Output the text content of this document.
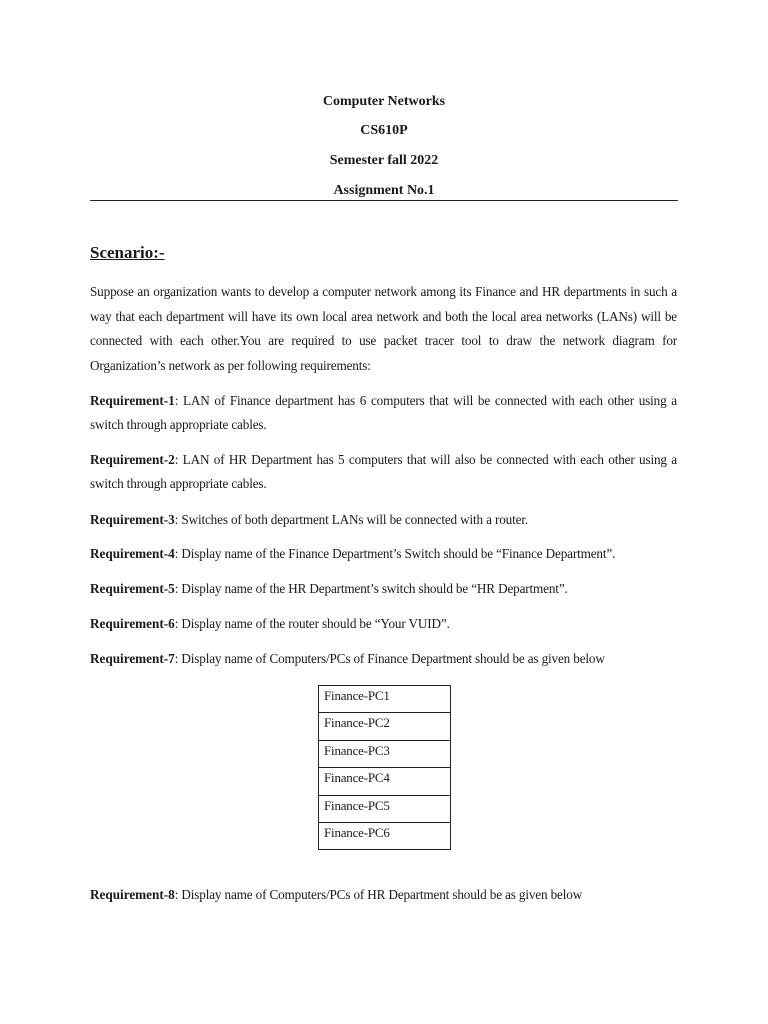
Computer Networks
CS610P
Semester fall 2022
Assignment No.1
Scenario:-
Suppose an organization wants to develop a computer network among its Finance and HR departments in such a way that each department will have its own local area network and both the local area networks (LANs) will be connected with each other.You are required to use packet tracer tool to draw the network diagram for Organization’s network as per following requirements:
Requirement-1: LAN of Finance department has 6 computers that will be connected with each other using a switch through appropriate cables.
Requirement-2: LAN of HR Department has 5 computers that will also be connected with each other using a switch through appropriate cables.
Requirement-3: Switches of both department LANs will be connected with a router.
Requirement-4: Display name of the Finance Department’s Switch should be “Finance Department”.
Requirement-5: Display name of the HR Department’s switch should be “HR Department”.
Requirement-6: Display name of the router should be “Your VUID”.
Requirement-7: Display name of Computers/PCs of Finance Department should be as given below
Finance-PC1
Finance-PC2
Finance-PC3
Finance-PC4
Finance-PC5
Finance-PC6
Requirement-8: Display name of Computers/PCs of HR Department should be as given below
